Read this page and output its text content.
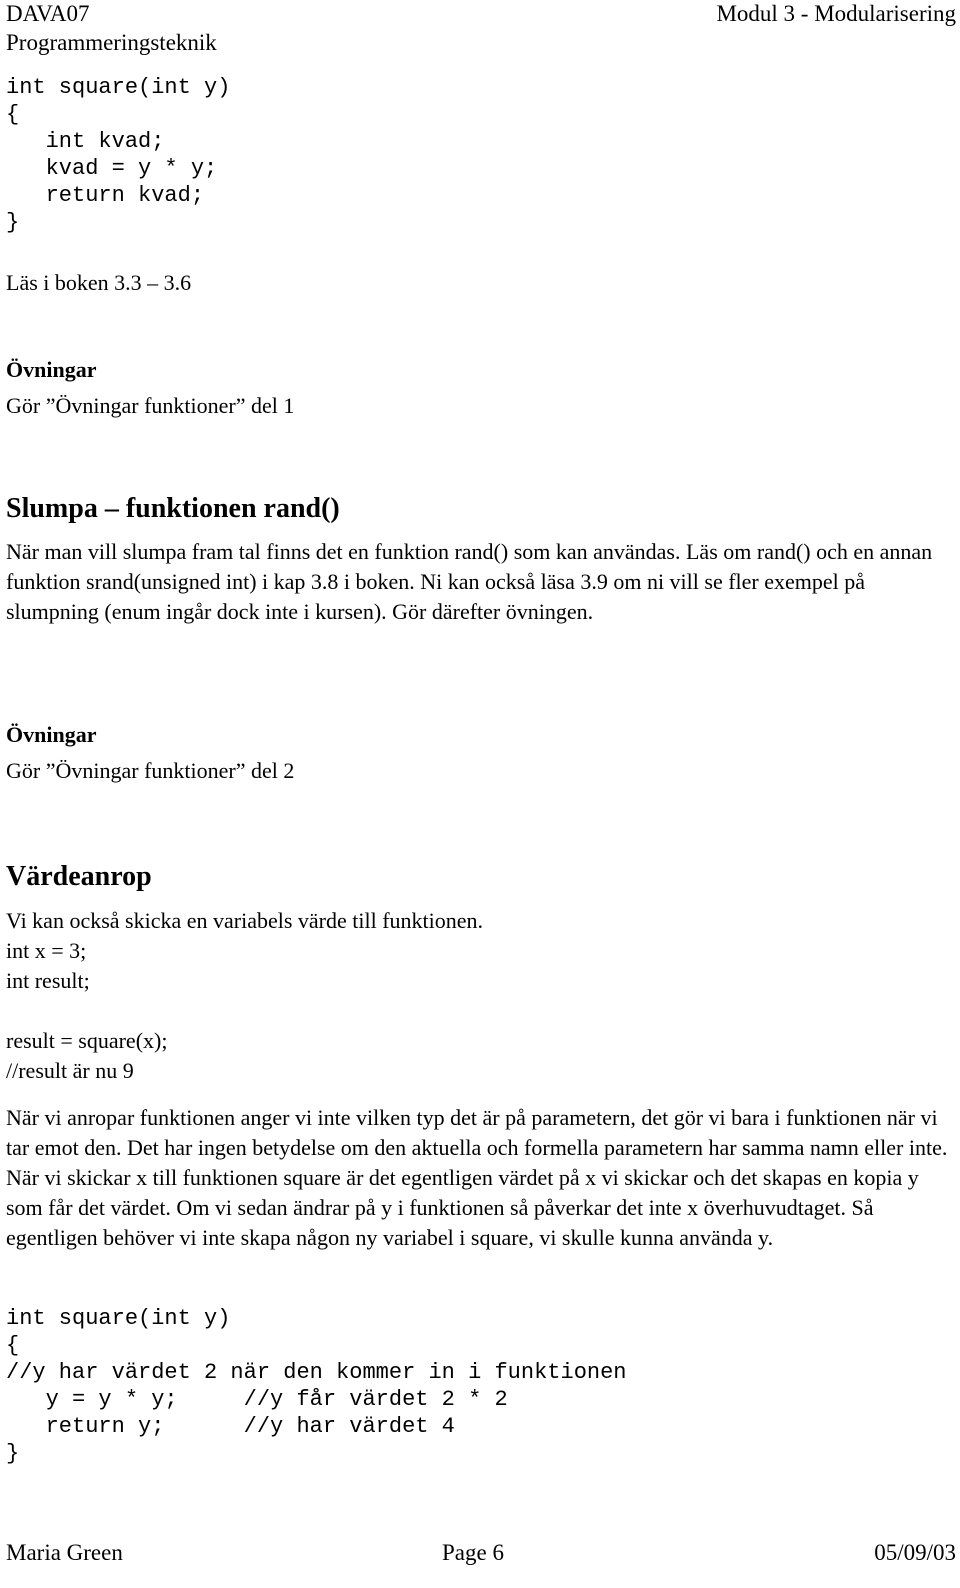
DAVA07
Programmeringsteknik
Modul 3 - Modularisering
int square(int y)
{
int kvad;
kvad = y * y;
return kvad;
}

Läs i boken 3.3 – 3.6

Övningar

Gör ”Övningar funktioner” del 1

Slumpa – funktionen rand()

När man vill slumpa fram tal finns det en funktion rand() som kan användas. Läs om rand() och en annan funktion srand(unsigned int) i kap 3.8 i boken. Ni kan också läsa 3.9 om ni vill se fler exempel på slumpning (enum ingår dock inte i kursen). Gör därefter övningen.

Övningar

Gör ”Övningar funktioner” del 2

Värdeanrop

Vi kan också skicka en variabels värde till funktionen.

int x = 3;

int result;

result = square(x);

//result är nu 9

När vi anropar funktionen anger vi inte vilken typ det är på parametern, det gör vi bara i funktionen när vi tar emot den. Det har ingen betydelse om den aktuella och formella parametern har samma namn eller inte. När vi skickar x till funktionen square är det egentligen värdet på x vi skickar och det skapas en kopia y som får det värdet. Om vi sedan ändrar på y i funktionen så påverkar det inte x överhuvudtaget. Så egentligen behöver vi inte skapa någon ny variabel i square, vi skulle kunna använda y.

int square(int y)
{
//y har värdet 2 när den kommer in i funktionen
y = y * y;     //y får värdet 2 * 2
return y;      //y har värdet 4
}
Maria Green	Page 6	05/09/03
